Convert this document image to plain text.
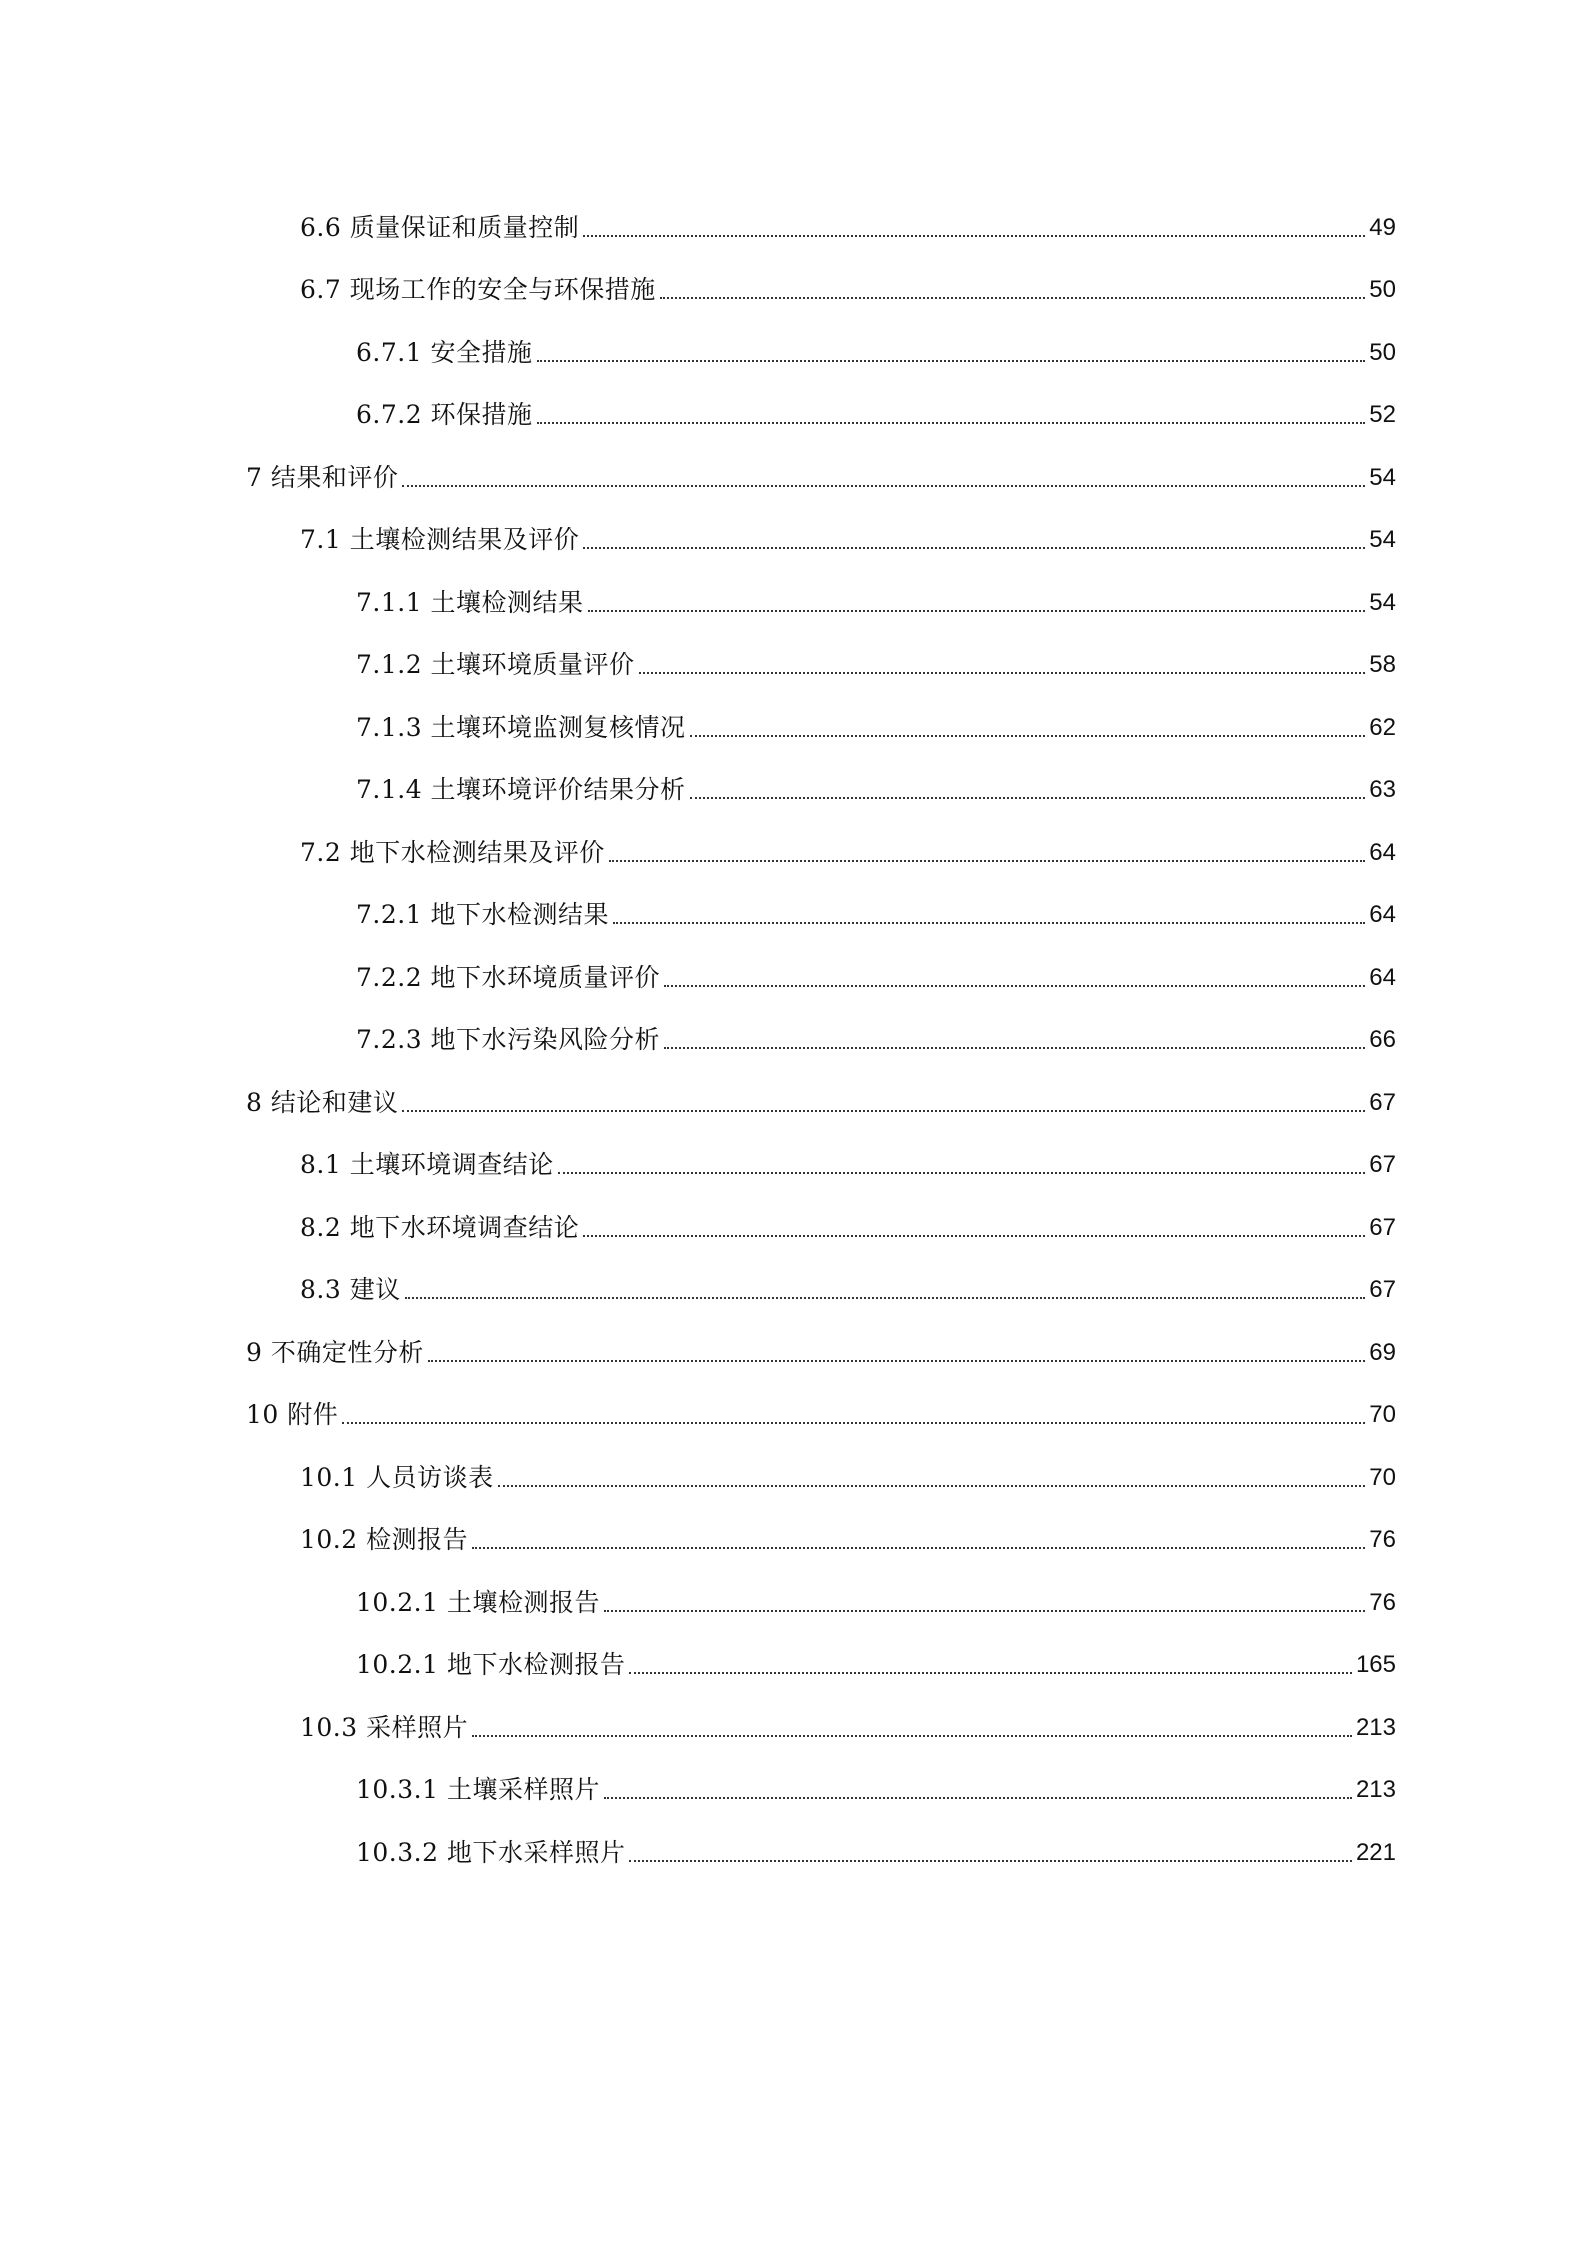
6.6 质量保证和质量控制	49
6.7 现场工作的安全与环保措施	50
6.7.1 安全措施	50
6.7.2 环保措施	52
7 结果和评价	54
7.1 土壤检测结果及评价	54
7.1.1 土壤检测结果	54
7.1.2 土壤环境质量评价	58
7.1.3 土壤环境监测复核情况	62
7.1.4 土壤环境评价结果分析	63
7.2 地下水检测结果及评价	64
7.2.1 地下水检测结果	64
7.2.2 地下水环境质量评价	64
7.2.3 地下水污染风险分析	66
8 结论和建议	67
8.1 土壤环境调查结论	67
8.2 地下水环境调查结论	67
8.3 建议	67
9 不确定性分析	69
10 附件	70
10.1 人员访谈表	70
10.2 检测报告	76
10.2.1 土壤检测报告	76
10.2.1 地下水检测报告	165
10.3 采样照片	213
10.3.1 土壤采样照片	213
10.3.2 地下水采样照片	221
